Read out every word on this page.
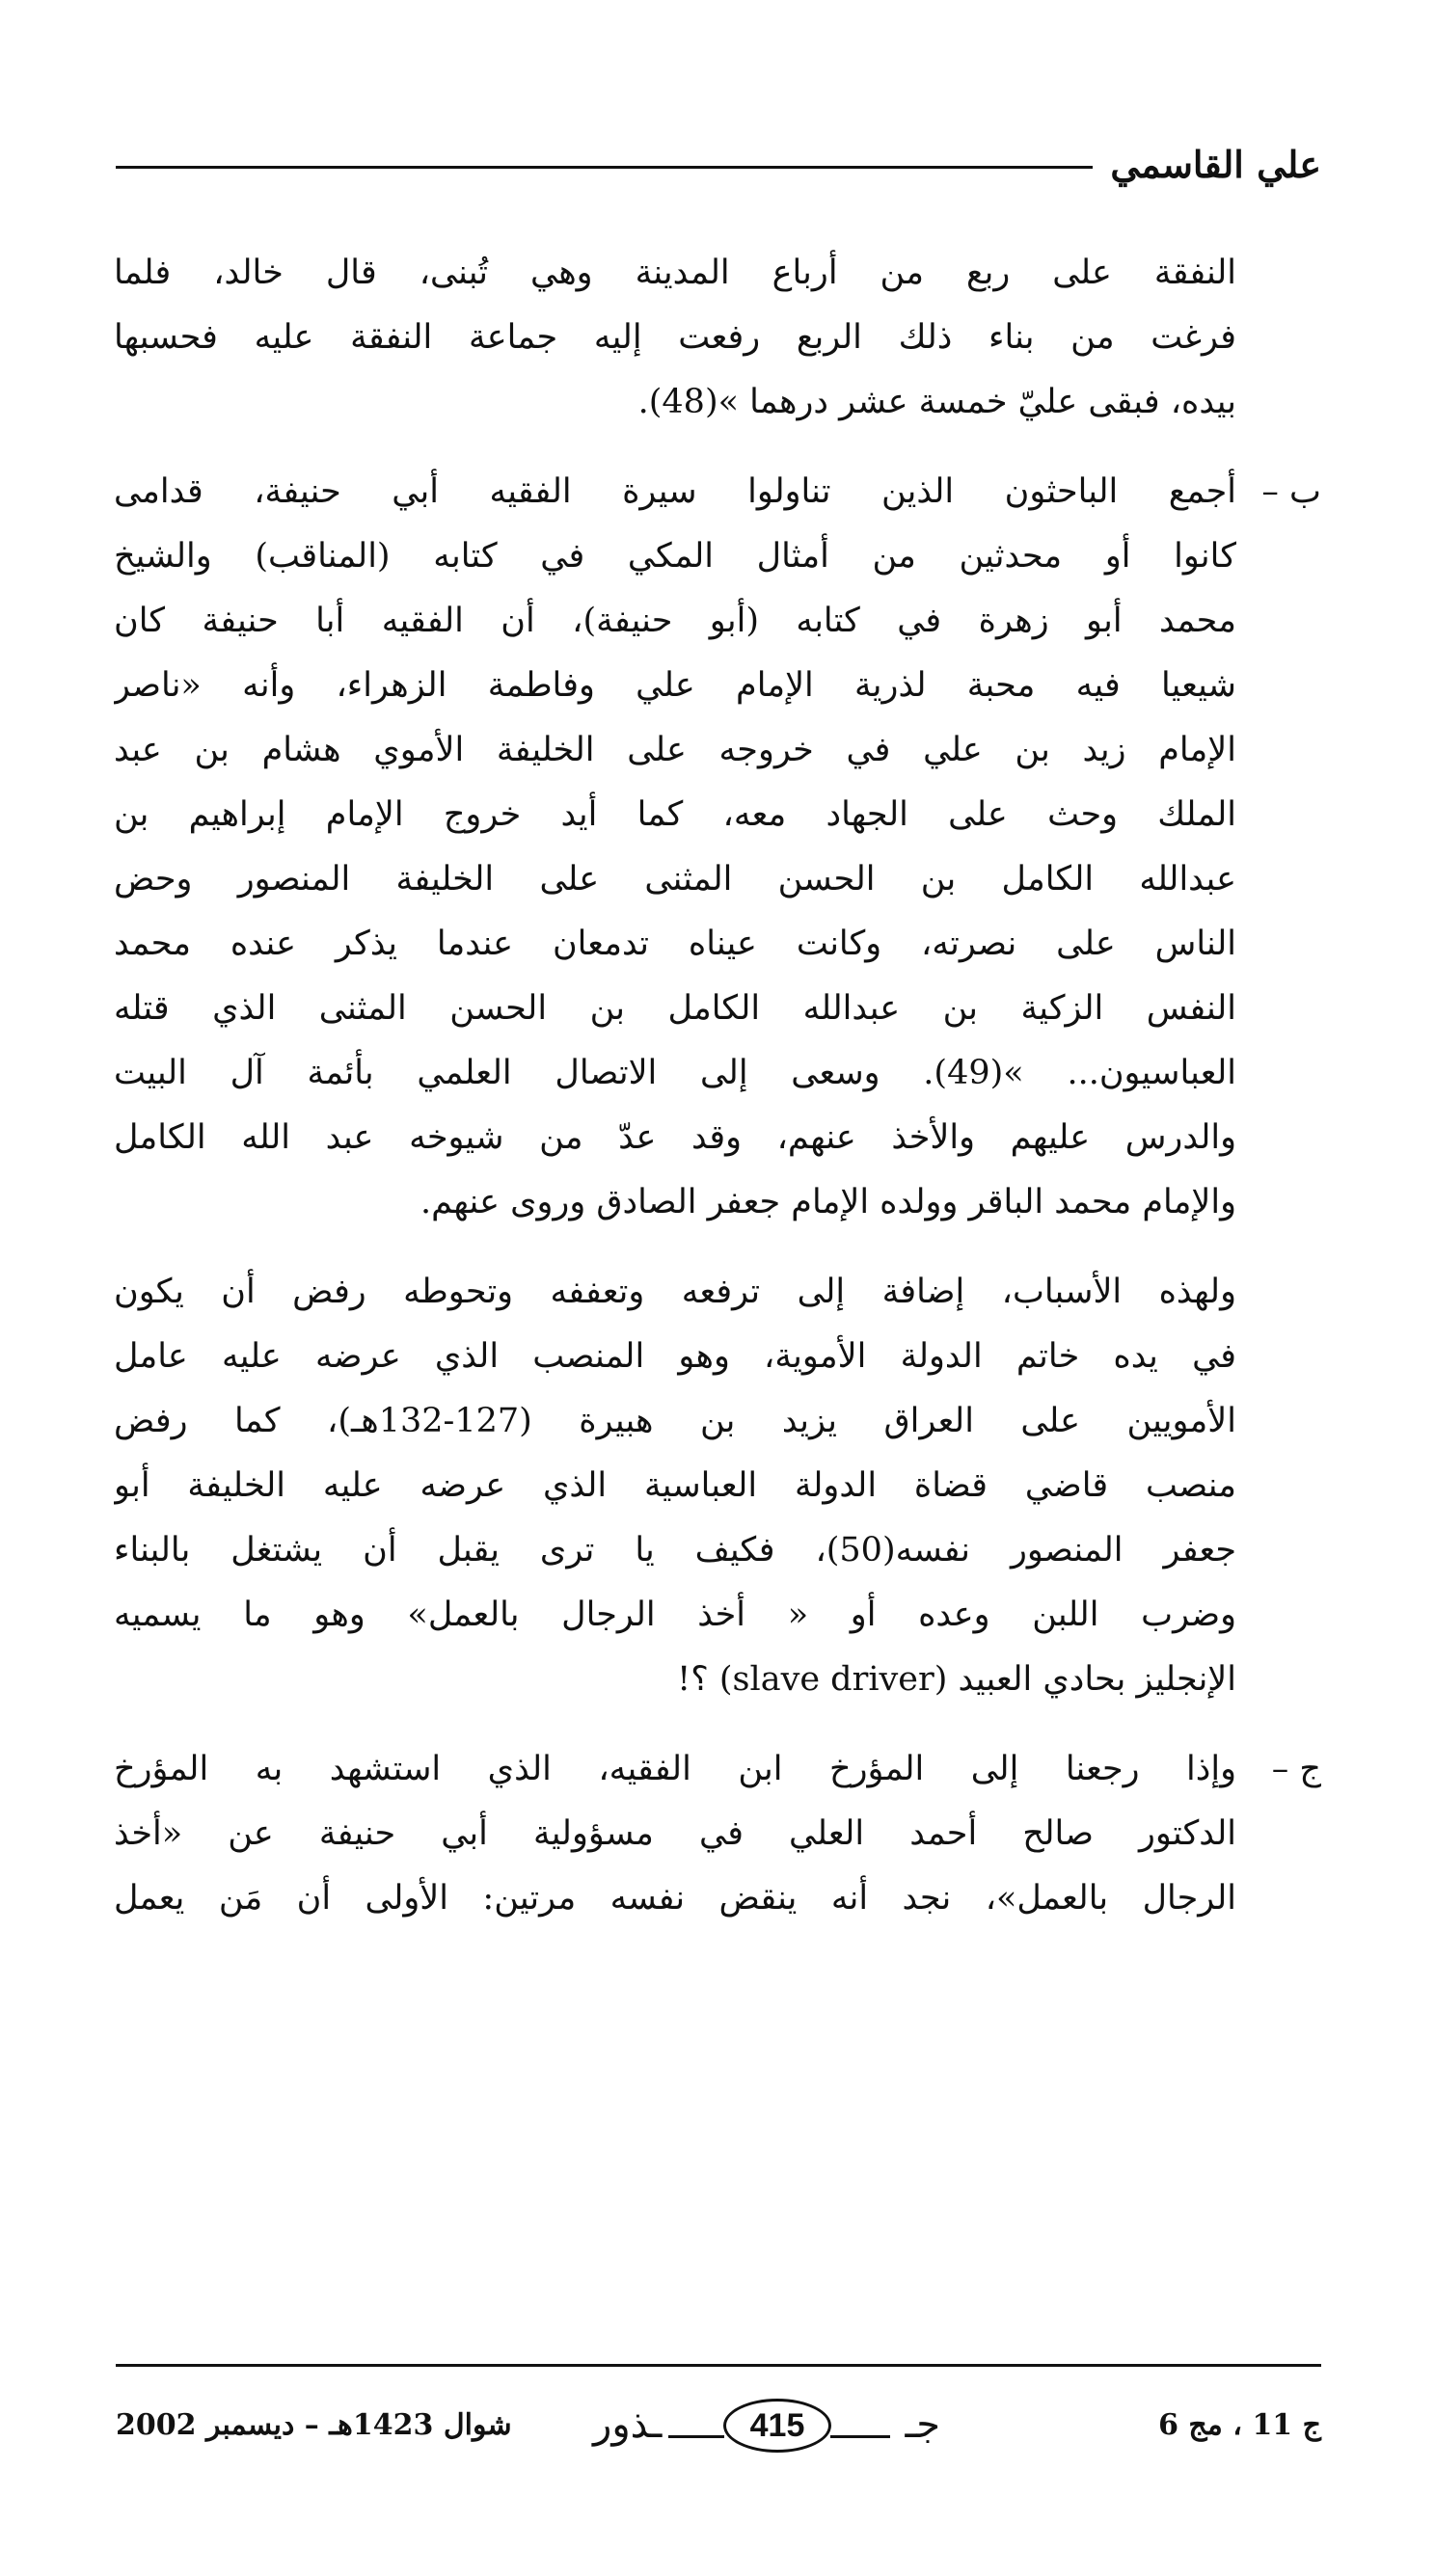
علي القاسمي
النفقة على ربع من أرباع المدينة وهي تُبنى، قال خالد، فلما
فرغت من بناء ذلك الربع رفعت إليه جماعة النفقة عليه فحسبها
بيده، فبقى عليّ خمسة عشر درهما »(48).
ب –
أجمع الباحثون الذين تناولوا سيرة الفقيه أبي حنيفة، قدامى
كانوا أو محدثين من أمثال المكي في كتابه (المناقب) والشيخ
محمد أبو زهرة في كتابه (أبو حنيفة)، أن الفقيه أبا حنيفة كان
شيعيا فيه محبة لذرية الإمام علي وفاطمة الزهراء، وأنه «ناصر
الإمام زيد بن علي في خروجه على الخليفة الأموي هشام بن عبد
الملك وحث على الجهاد معه، كما أيد خروج الإمام إبراهيم بن
عبدالله الكامل بن الحسن المثنى على الخليفة المنصور وحض
الناس على نصرته، وكانت عيناه تدمعان عندما يذكر عنده محمد
النفس الزكية بن عبدالله الكامل بن الحسن المثنى الذي قتله
العباسيون... »(49). وسعى إلى الاتصال العلمي بأئمة آل البيت
والدرس عليهم والأخذ عنهم، وقد عدّ من شيوخه عبد الله الكامل
والإمام محمد الباقر وولده الإمام جعفر الصادق وروى عنهم.
ولهذه الأسباب، إضافة إلى ترفعه وتعففه وتحوطه رفض أن يكون
في يده خاتم الدولة الأموية، وهو المنصب الذي عرضه عليه عامل
الأمويين على العراق يزيد بن هبيرة (127-132هـ)، كما رفض
منصب قاضي قضاة الدولة العباسية الذي عرضه عليه الخليفة أبو
جعفر المنصور نفسه(50)، فكيف يا ترى يقبل أن يشتغل بالبناء
وضرب اللبن وعده أو « أخذ الرجال بالعمل» وهو ما يسميه
الإنجليز بحادي العبيد (slave driver) ؟!
ج –
وإذا رجعنا إلى المؤرخ ابن الفقيه، الذي استشهد به المؤرخ
الدكتور صالح أحمد العلي في مسؤولية أبي حنيفة عن «أخذ
الرجال بالعمل»، نجد أنه ينقض نفسه مرتين: الأولى أن مَن يعمل
ج 11 ، مج 6
ـذور	415	جـ
شوال 1423هـ – ديسمبر 2002
